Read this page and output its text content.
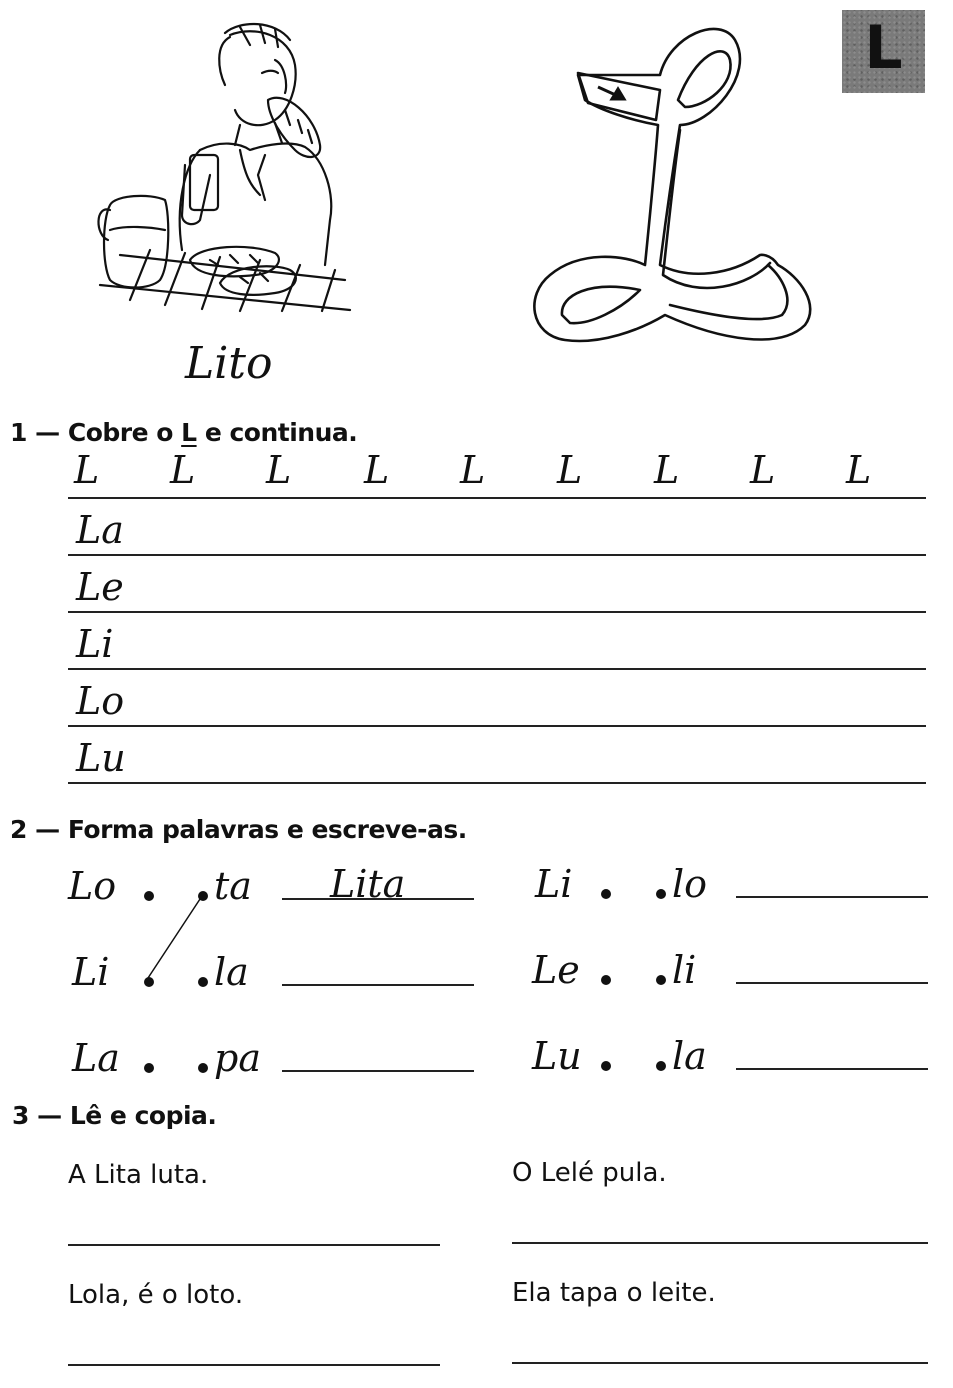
L
Lito
1 — Cobre o L e continua.
L L L L L L L L L
La
Le
Li
Lo
Lu
2 — Forma palavras e escreve-as.
Lo	ta Lita
Li	la
La pa
Li	lo
Le li
Lu la
3 — Lê e copia.
A Lita luta.	O Lelé pula.
Lola, é o loto.	Ela tapa o leite.
